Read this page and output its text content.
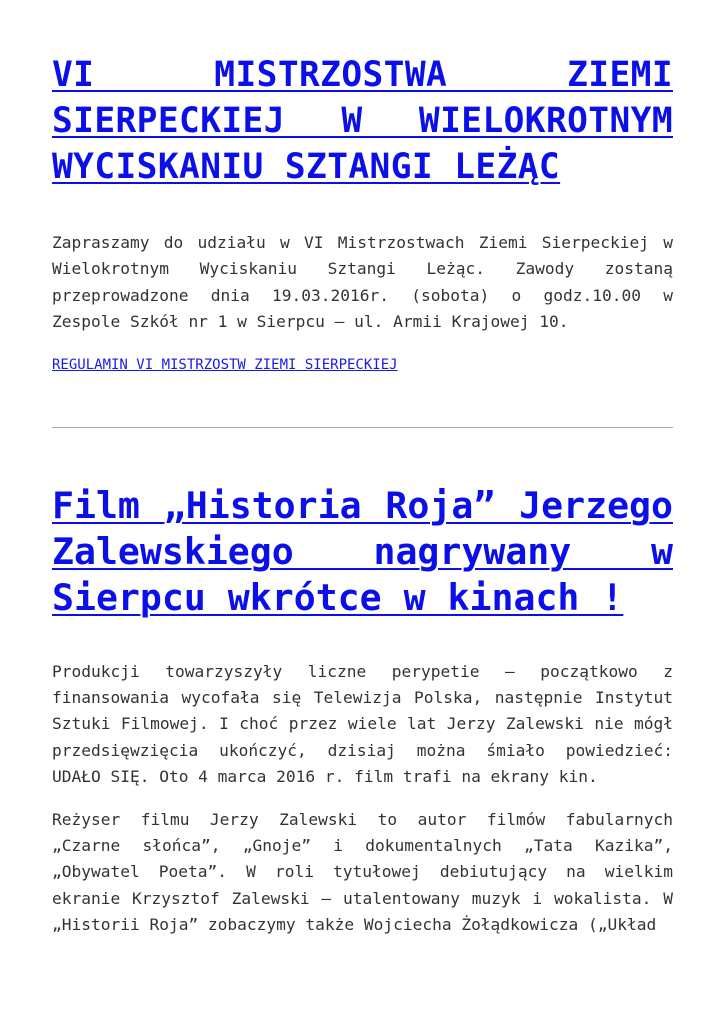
VI MISTRZOSTWA ZIEMI SIERPECKIEJ W WIELOKROTNYM WYCISKANIU SZTANGI LEŻĄC

Zapraszamy do udziału w VI Mistrzostwach Ziemi Sierpeckiej w Wielokrotnym Wyciskaniu Sztangi Leżąc. Zawody zostaną przeprowadzone dnia 19.03.2016r. (sobota) o godz.10.00 w Zespole Szkół nr 1 w Sierpcu – ul. Armii Krajowej 10.

REGULAMIN VI MISTRZOSTW ZIEMI SIERPECKIEJ

Film „Historia Roja” Jerzego Zalewskiego nagrywany w Sierpcu wkrótce w kinach !

Produkcji towarzyszyły liczne perypetie – początkowo z finansowania wycofała się Telewizja Polska, następnie Instytut Sztuki Filmowej. I choć przez wiele lat Jerzy Zalewski nie mógł przedsięwzięcia ukończyć, dzisiaj można śmiało powiedzieć: UDAŁO SIĘ. Oto 4 marca 2016 r. film trafi na ekrany kin.

Reżyser filmu Jerzy Zalewski to autor filmów fabularnych „Czarne słońca”, „Gnoje” i dokumentalnych „Tata Kazika”, „Obywatel Poeta”. W roli tytułowej debiutujący na wielkim ekranie Krzysztof Zalewski – utalentowany muzyk i wokalista. W „Historii Roja” zobaczymy także Wojciecha Żołądkowicza („Układ
